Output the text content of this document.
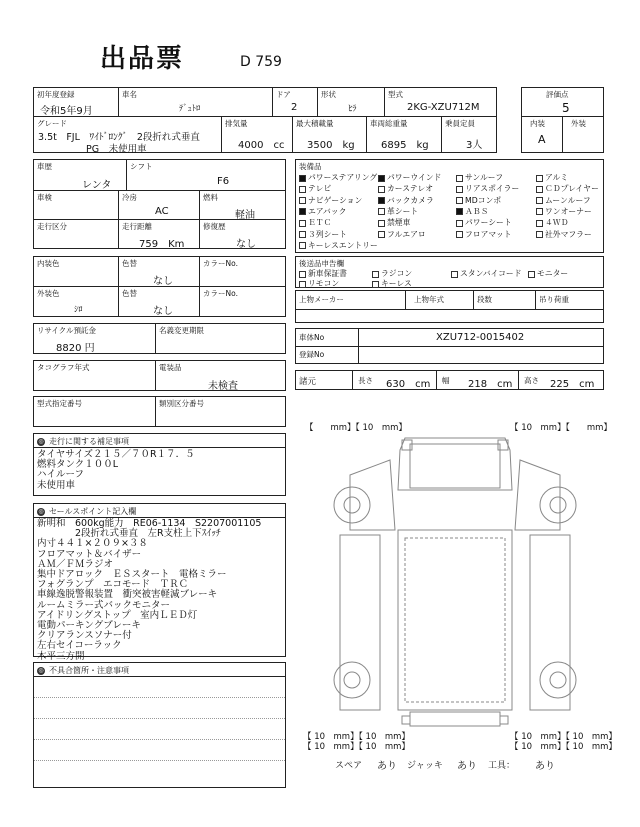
出品票	D 759
初年度登録
令和5年9月
車名
ﾃﾞｭﾄﾛ
ドア
2
形状
ﾋﾗ
型式
2KG-XZU712M
評価点
5
グレード
3.5t　FJL　ﾜｲﾄﾞﾛﾝｸﾞ　2段折れ式垂直
PG　未使用車
排気量
4000　cc
最大積載量
3500　kg
車両総重量
6895　kg
乗員定員
3人
内装
A
外装
車歴
レンタ
シフト
F6
車検	冷房
AC
燃料
軽油
走行区分	走行距離
759　Km
修復歴
なし
内装色	色替
なし
カラーNo.
外装色
ｼﾛ
色替
なし
カラーNo.
リサイクル預託金
8820 円
名義変更期限
タコグラフ年式	電装品
未検査
型式指定番号	類別区分番号
装備品
パワーステアリング	パワーウインド	サンルーフ	アルミ
テレビ	カーステレオ	リアスポイラー	ＣＤプレイヤー
ナビゲーション	バックカメラ	MDコンポ	ムーンルーフ
エアバック	革シート	ＡＢＳ	ワンオーナー
ＥＴＣ	禁煙車	パワーシート	４ＷＤ
３列シート	フルエアロ	フロアマット	社外マフラー
キーレスエントリー
後送品申告欄
新車保証書	ラジコン	スタンバイコード	モニター
リモコン	キーレス
上物メーカー	上物年式	段数	吊り荷重
車体No	XZU712-0015402
登録No
諸元	長さ 630　cm 幅 218　cm 高さ 225　cm
◎ 走行に関する補足事項
タイヤサイズ２１５／７０R１７．５
燃料タンク１００L
ハイルーフ
未使用車
◎ セールスポイント記入欄
新明和　600kg能力　RE06-1134　S2207001105
　　　　2段折れ式垂直　左R支柱上下ｽｲｯﾁ
内寸４４１×２０９×３８
フロアマット＆バイザー
ＡＭ／ＦＭラジオ
集中ドアロック　ＥＳスタート　電格ミラー
フォグランプ　エコモード　ＴＲＣ
車線逸脱警報装置　衝突被害軽減ブレーキ
ルームミラー式バックモニター
アイドリングストップ　室内ＬＥＤ灯
電動パーキングブレーキ
クリアランスソナー付
左右セイコーラック
木平三方開
◎ 不具合箇所・注意事項
【　　mm】【 10　mm】	【 10　mm】【　　mm】
【 10　mm】【 10　mm】
【 10　mm】【 10　mm】
【 10　mm】【 10　mm】
【 10　mm】【 10　mm】
スペア あり ジャッキ あり 工具： あり
